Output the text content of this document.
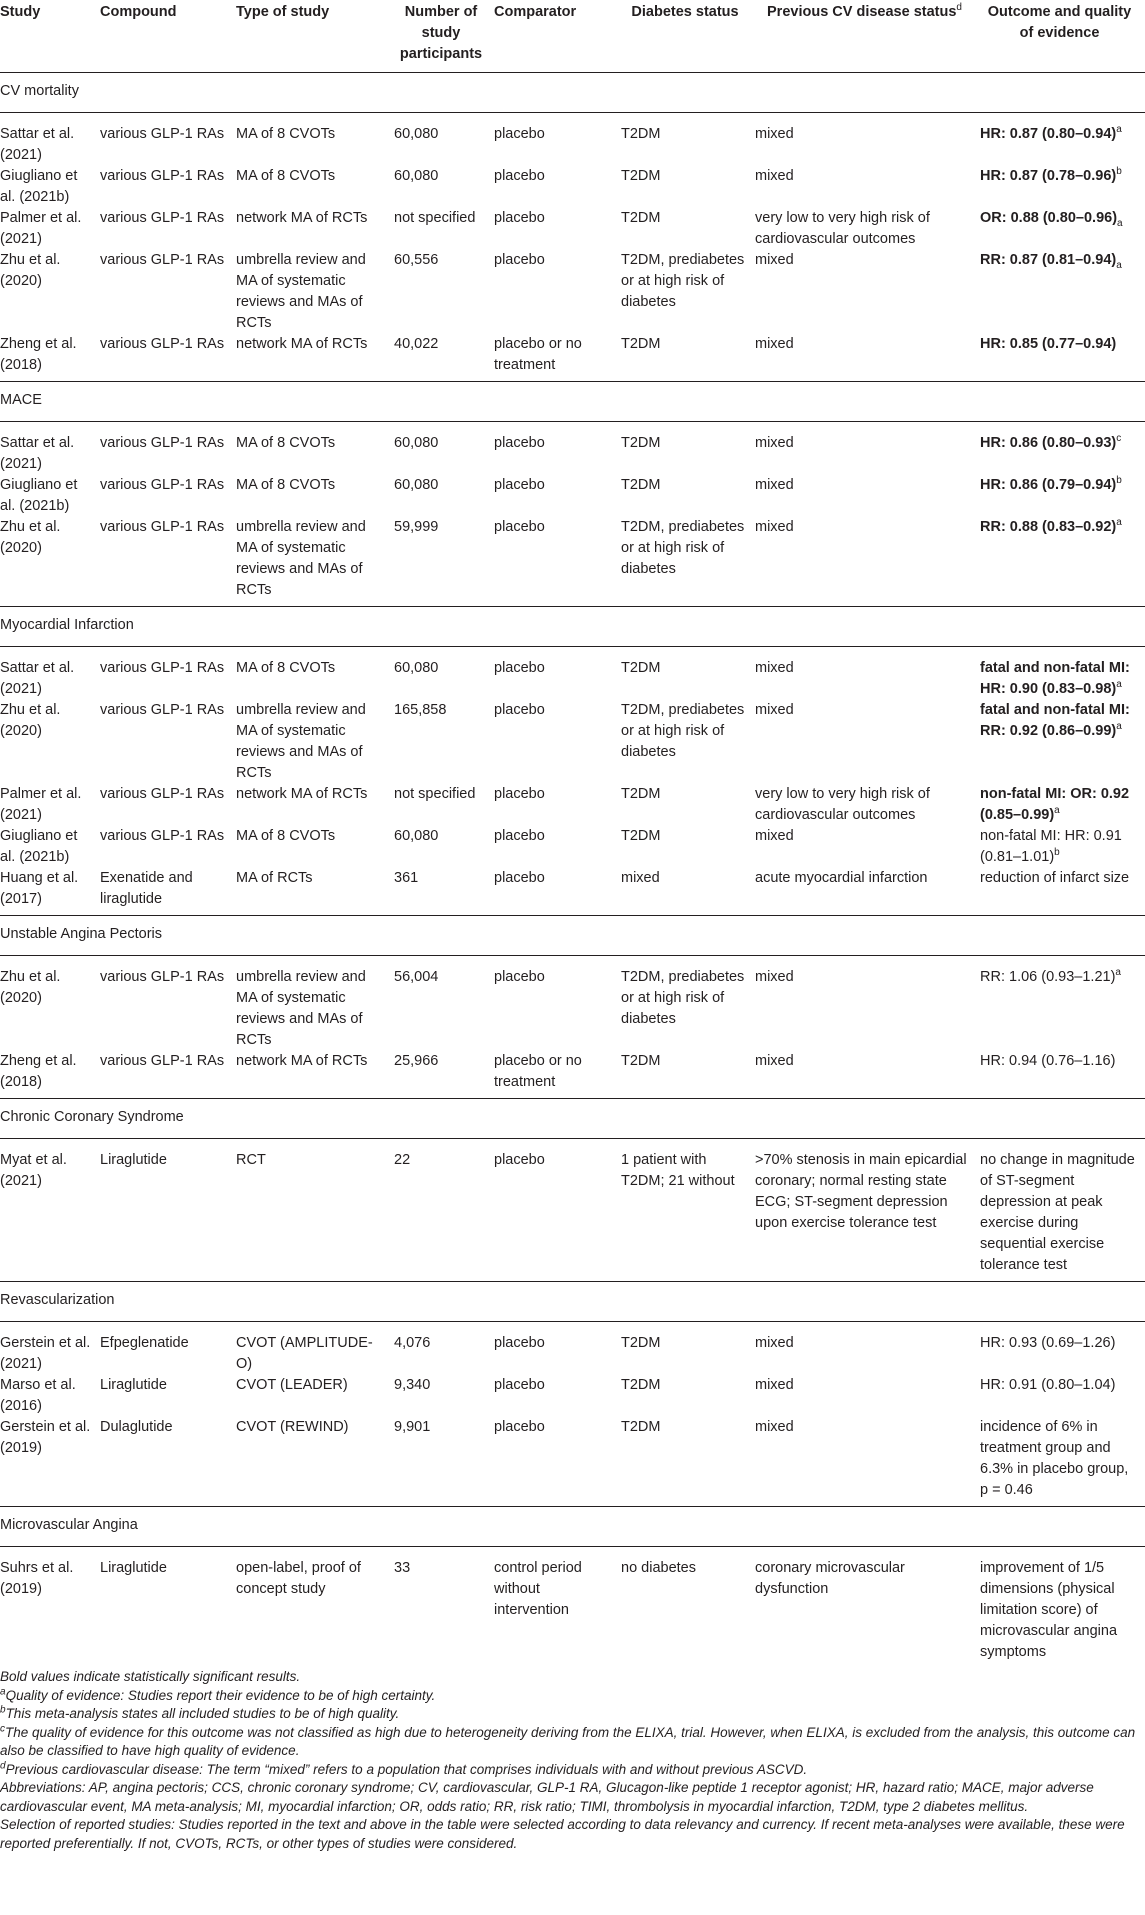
Study	Compound	Type of study	Number of study participants	Comparator	Diabetes status	Previous CV disease status$^d$	Outcome and quality of evidence
CV mortality							
Sattar et al. (2021)	various GLP-1 RAs	MA of 8 CVOTs	60,080	placebo	T2DM	mixed	HR: 0.87 $(0.80-0.94)^a$
Giugliano et al. (2021b)	various GLP-1 RAs	MA of 8 CVOTs	60,080	placebo	T2DM	mixed	HR: 0.87 $(0.78-0.96)^b$
Palmer et al. (2021)	various GLP-1 RAs	network MA of RCTs	not specified	placebo	T2DM	very low to very high risk of cardiovascular outcomes	OR: 0.88 $(0.80-0.96)_a$
Zhu et al. (2020)	various GLP-1 RAs	umbrella review and MA of systematic reviews and MAs of RCTs	60,556	placebo	T2DM, prediabetes or at high risk of diabetes	mixed	RR: 0.87 $(0.81-0.94)_a$
Zheng et al. (2018)	various GLP-1 RAs	network MA of RCTs	40,022	placebo or no treatment	T2DM	mixed	HR: 0.85 (0.77–0.94)
MACE							
Sattar et al. (2021)	various GLP-1 RAs	MA of 8 CVOTs	60,080	placebo	T2DM	mixed	HR: 0.86 $(0.80-0.93)^c$
Giugliano et al. (2021b)	various GLP-1 RAs	MA of 8 CVOTs	60,080	placebo	T2DM	mixed	HR: 0.86 $(0.79-0.94)^b$
Zhu et al. (2020)	various GLP-1 RAs	umbrella review and MA of systematic reviews and MAs of RCTs	59,999	placebo	T2DM, prediabetes or at high risk of diabetes	mixed	RR: 0.88 $(0.83-0.92)^a$
Myocardial Infarction							
Sattar et al. (2021)	various GLP-1 RAs	MA of 8 CVOTs	60,080	placebo	T2DM	mixed	fatal and non-fatal MI: HR: 0.90 $(0.83-0.98)^a$
Zhu et al. (2020)	various GLP-1 RAs	umbrella review and MA of systematic reviews and MAs of RCTs	165,858	placebo	T2DM, prediabetes or at high risk of diabetes	mixed	fatal and non-fatal MI: RR: 0.92 $(0.86-0.99)^a$
Palmer et al. (2021)	various GLP-1 RAs	network MA of RCTs	not specified	placebo	T2DM	very low to very high risk of cardiovascular outcomes	non-fatal MI: OR: 0.92 $(0.85-0.99)^a$
Giugliano et al. (2021b)	various GLP-1 RAs	MA of 8 CVOTs	60,080	placebo	T2DM	mixed	non-fatal MI: HR: 0.91 $(0.81-1.01)^b$
Huang et al. (2017)	Exenatide and liraglutide	MA of RCTs	361	placebo	mixed	acute myocardial infarction	reduction of infarct size
Unstable Angina Pectoris							
Zhu et al. (2020)	various GLP-1 RAs	umbrella review and MA of systematic reviews and MAs of RCTs	56,004	placebo	T2DM, prediabetes or at high risk of diabetes	mixed	RR: 1.06 $(0.93-1.21)^a$
Zheng et al. (2018)	various GLP-1 RAs	network MA of RCTs	25,966	placebo or no treatment	T2DM	mixed	HR: 0.94 (0.76–1.16)
Chronic Coronary Syndrome							
Myat et al. (2021)	Liraglutide	RCT	22	placebo	1 patient with T2DM; 21 without	>70% stenosis in main epicardial coronary; normal resting state ECG; ST-segment depression upon exercise tolerance test	no change in magnitude of ST-segment depression at peak exercise during sequential exercise tolerance test
Revascularization							
Gerstein et al. (2021)	Efpeglenatide	CVOT (AMPLITUDE-O)	4,076	placebo	T2DM	mixed	HR: 0.93 (0.69–1.26)
Marso et al. (2016)	Liraglutide	CVOT (LEADER)	9,340	placebo	T2DM	mixed	HR: 0.91 (0.80–1.04)
Gerstein et al. (2019)	Dulaglutide	CVOT (REWIND)	9,901	placebo	T2DM	mixed	incidence of 6% in treatment group and 6.3% in placebo group, p = 0.46
Microvascular Angina							
Suhrs et al. (2019)	Liraglutide	open-label, proof of concept study	33	control period without intervention	no diabetes	coronary microvascular dysfunction	improvement of 1/5 dimensions (physical limitation score) of microvascular angina symptoms

Bold values indicate statistically significant results.

$^a$Quality of evidence: Studies report their evidence to be of high certainty.

$^b$This meta-analysis states all included studies to be of high quality.

$^c$The quality of evidence for this outcome was not classified as high due to heterogeneity deriving from the ELIXA, trial. However, when ELIXA, is excluded from the analysis, this outcome can also be classified to have high quality of evidence.

$^d$Previous cardiovascular disease: The term “mixed” refers to a population that comprises individuals with and without previous ASCVD.

Abbreviations: AP, angina pectoris; CCS, chronic coronary syndrome; CV, cardiovascular, GLP-1 RA, Glucagon-like peptide 1 receptor agonist; HR, hazard ratio; MACE, major adverse cardiovascular event, MA meta-analysis; MI, myocardial infarction; OR, odds ratio; RR, risk ratio; TIMI, thrombolysis in myocardial infarction, T2DM, type 2 diabetes mellitus.

Selection of reported studies: Studies reported in the text and above in the table were selected according to data relevancy and currency. If recent meta-analyses were available, these were reported preferentially. If not, CVOTs, RCTs, or other types of studies were considered.
